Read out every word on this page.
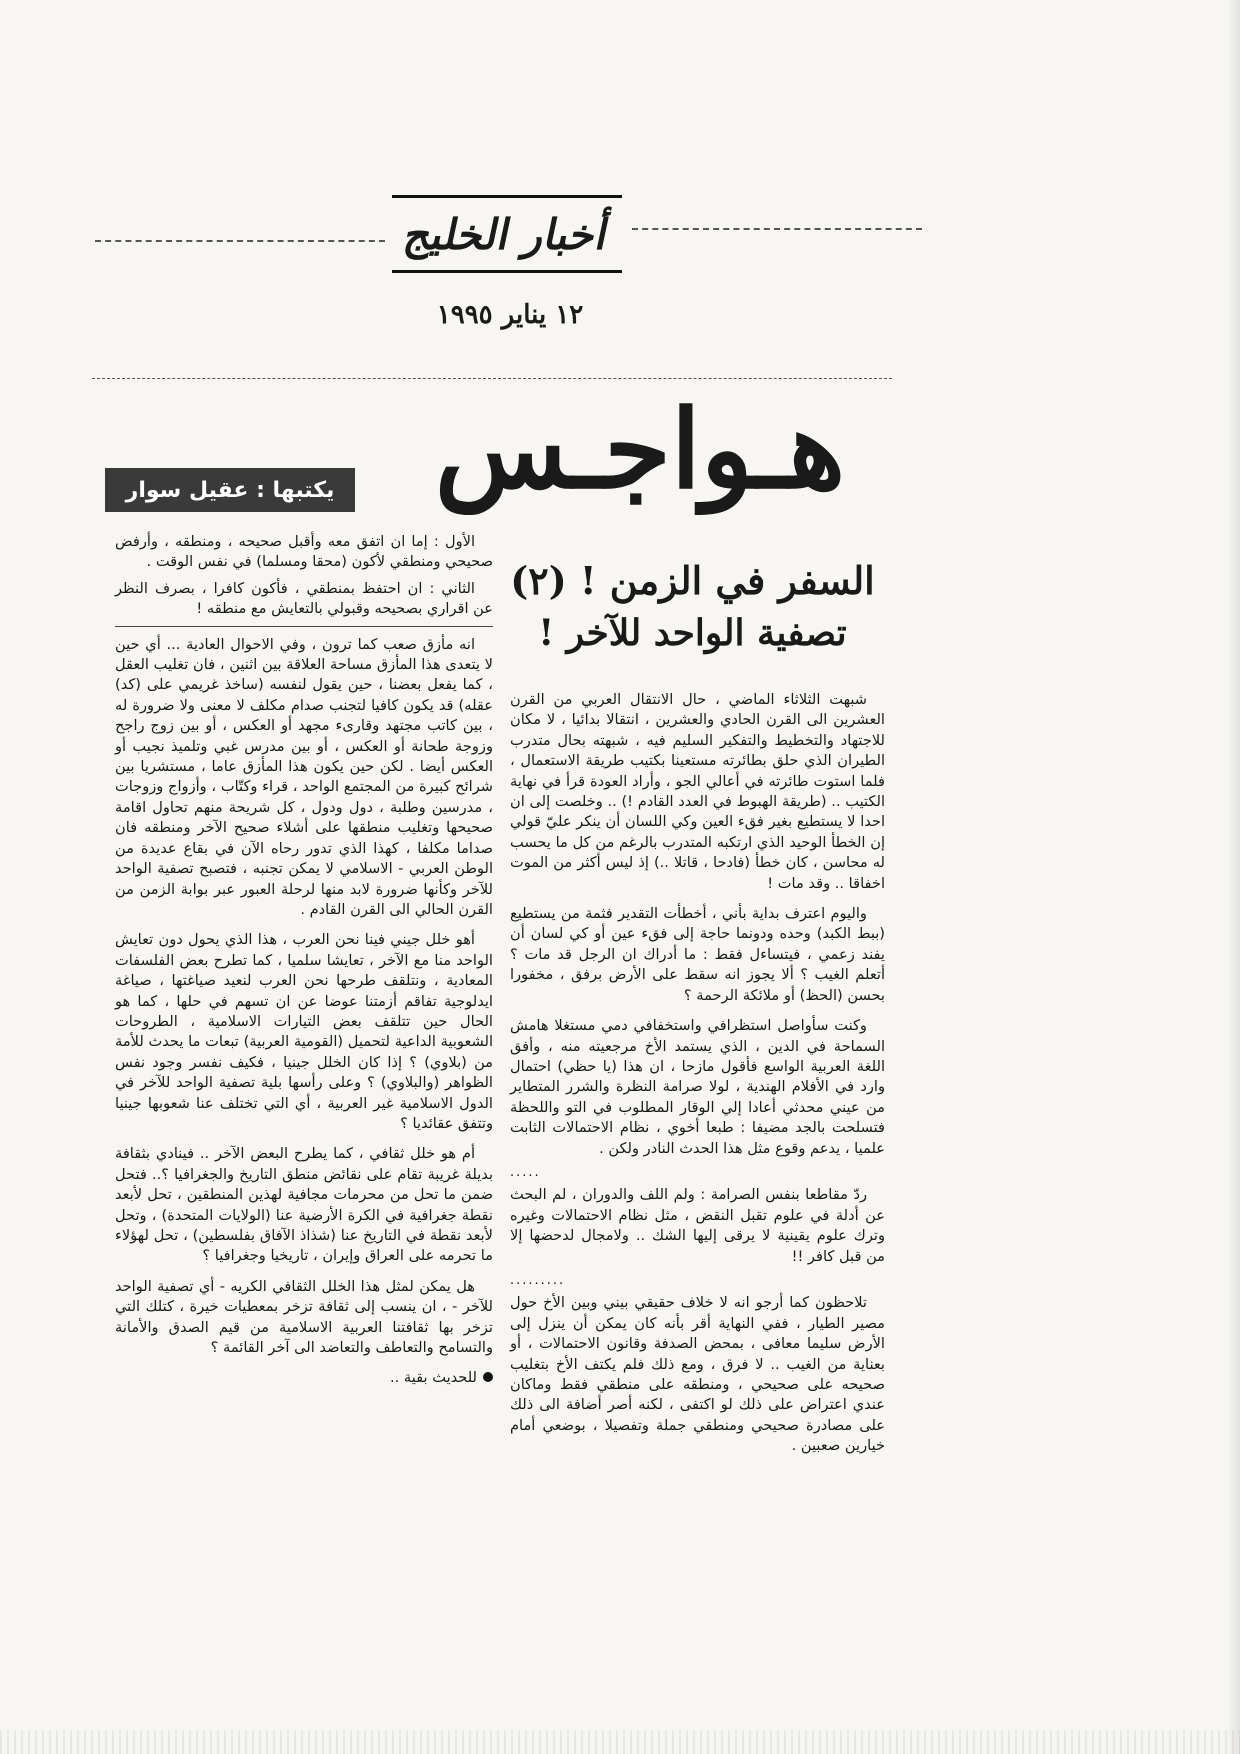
أخبار الخليج
١٢ يناير ١٩٩٥
هـواجـس
يكتبها : عقيل سوار
السفر في الزمن ! (٢)
تصفية الواحد للآخر !

شبهت الثلاثاء الماضي ، حال الانتقال العربي من القرن العشرين الى القرن الحادي والعشرين ، انتقالا بدائيا ، لا مكان للاجتهاد والتخطيط والتفكير السليم فيه ، شبهته بحال متدرب الطيران الذي حلق بطائرته مستعينا بكتيب طريقة الاستعمال ، فلما استوت طائرته في أعالي الجو ، وأراد العودة قرأ في نهاية الكتيب .. (طريقة الهبوط في العدد القادم !) .. وخلصت إلى ان احدا لا يستطيع بغير فقء العين وكي اللسان أن ينكر عليّ قولي إن الخطأ الوحيد الذي ارتكبه المتدرب بالرغم من كل ما يحسب له محاسن ، كان خطأ (فادحا ، قاتلا ..) إذ ليس أكثر من الموت اخفاقا .. وقد مات !

واليوم اعترف بداية بأني ، أخطأت التقدير فثمة من يستطيع (ببط الكبد) وحده ودونما حاجة إلى فقء عين أو كي لسان أن يفند زعمي ، فيتساءل فقط : ما أدراك ان الرجل قد مات ؟ أتعلم الغيب ؟ ألا يجوز انه سقط على الأرض برفق ، مخفورا بحسن (الحظ) أو ملائكة الرحمة ؟

وكنت سأواصل استظرافي واستخفافي دمي مستغلا هامش السماحة في الدين ، الذي يستمد الأخ مرجعيته منه ، وأفق اللغة العربية الواسع فأقول مازحا ، ان هذا (يا حظي) احتمال وارد في الأفلام الهندية ، لولا صرامة النظرة والشرر المتطاير من عيني محدثي أعادا إلي الوقار المطلوب في التو واللحظة فتسلحت بالجد مضيفا : طبعا أخوي ، نظام الاحتمالات الثابت علميا ، يدعم وقوع مثل هذا الحدث النادر ولكن .

.....

ردّ مقاطعا بنفس الصرامة : ولم اللف والدوران ، لم البحث عن أدلة في علوم تقبل النقض ، مثل نظام الاحتمالات وغيره وترك علوم يقينية لا يرقى إليها الشك .. ولامجال لدحضها إلا من قبل كافر !!

.........

تلاحظون كما أرجو انه لا خلاف حقيقي بيني وبين الأخ حول مصير الطيار ، ففي النهاية أقر بأنه كان يمكن أن ينزل إلى الأرض سليما معافى ، بمحض الصدفة وقانون الاحتمالات ، أو بعناية من الغيب .. لا فرق ، ومع ذلك فلم يكتف الأخ بتغليب صحيحه على صحيحي ، ومنطقه على منطقي فقط وماكان عندي اعتراض على ذلك لو اكتفى ، لكنه أصر أضافة الى ذلك على مصادرة صحيحي ومنطقي جملة وتفصيلا ، بوضعي أمام خيارين صعبين .

الأول : إما ان اتفق معه وأقبل صحيحه ، ومنطقه ، وأرفض صحيحي ومنطقي لأكون (محقا ومسلما) في نفس الوقت .

الثاني : ان احتفظ بمنطقي ، فأكون كافرا ، بصرف النظر عن اقراري بصحيحه وقبولي بالتعايش مع منطقه !

انه مأزق صعب كما ترون ، وفي الاحوال العادية ... أي حين لا يتعدى هذا المأزق مساحة العلاقة بين اثنين ، فان تغليب العقل ، كما يفعل بعضنا ، حين يقول لنفسه (ساخذ غريمي على (كد) عقله) قد يكون كافيا لتجنب صدام مكلف لا معنى ولا ضرورة له ، بين كاتب مجتهد وقارىء مجهد أو العكس ، أو بين زوج راجح وزوجة طحانة أو العكس ، أو بين مدرس غبي وتلميذ نجيب أو العكس أيضا . لكن حين يكون هذا المأزق عاما ، مستشريا بين شرائح كبيرة من المجتمع الواحد ، قراء وكتّاب ، وأزواج وزوجات ، مدرسين وطلبة ، دول ودول ، كل شريحة منهم تحاول اقامة صحيحها وتغليب منطقها على أشلاء صحيح الآخر ومنطقه فان صداما مكلفا ، كهذا الذي تدور رحاه الآن في بقاع عديدة من الوطن العربي - الاسلامي لا يمكن تجنبه ، فتصبح تصفية الواحد للآخر وكأنها ضرورة لابد منها لرحلة العبور عبر بوابة الزمن من القرن الحالي الى القرن القادم .

أهو خلل جيني فينا نحن العرب ، هذا الذي يحول دون تعايش الواحد منا مع الآخر ، تعايشا سلميا ، كما تطرح بعض الفلسفات المعادية ، ونتلقف طرحها نحن العرب لنعيد صياغتها ، صياغة ايدلوجية تفاقم أزمتنا عوضا عن ان تسهم في حلها ، كما هو الحال حين تتلقف بعض التيارات الاسلامية ، الطروحات الشعوبية الداعية لتحميل (القومية العربية) تبعات ما يحدث للأمة من (بلاوي) ؟ إذا كان الخلل جينيا ، فكيف نفسر وجود نفس الظواهر (والبلاوي) ؟ وعلى رأسها بلية تصفية الواحد للآخر في الدول الاسلامية غير العربية ، أي التي تختلف عنا شعوبها جينيا وتتفق عقائديا ؟

أم هو خلل ثقافي ، كما يطرح البعض الآخر .. فينادي بثقافة بديلة غريبة تقام على نقائض منطق التاريخ والجغرافيا ؟.. فتحل ضمن ما تحل من محرمات مجافية لهذين المنطقين ، تحل لأبعد نقطة جغرافية في الكرة الأرضية عنا (الولايات المتحدة) ، وتحل لأبعد نقطة في التاريخ عنا (شذاذ الآفاق بفلسطين) ، تحل لهؤلاء ما تحرمه على العراق وإيران ، تاريخيا وجغرافيا ؟

هل يمكن لمثل هذا الخلل الثقافي الكريه - أي تصفية الواحد للآخر - ، ان ينسب إلى ثقافة تزخر بمعطيات خيرة ، كتلك التي تزخر بها ثقافتنا العربية الاسلامية من قيم الصدق والأمانة والتسامح والتعاطف والتعاضد الى آخر القائمة ؟

للحديث بقية ..
